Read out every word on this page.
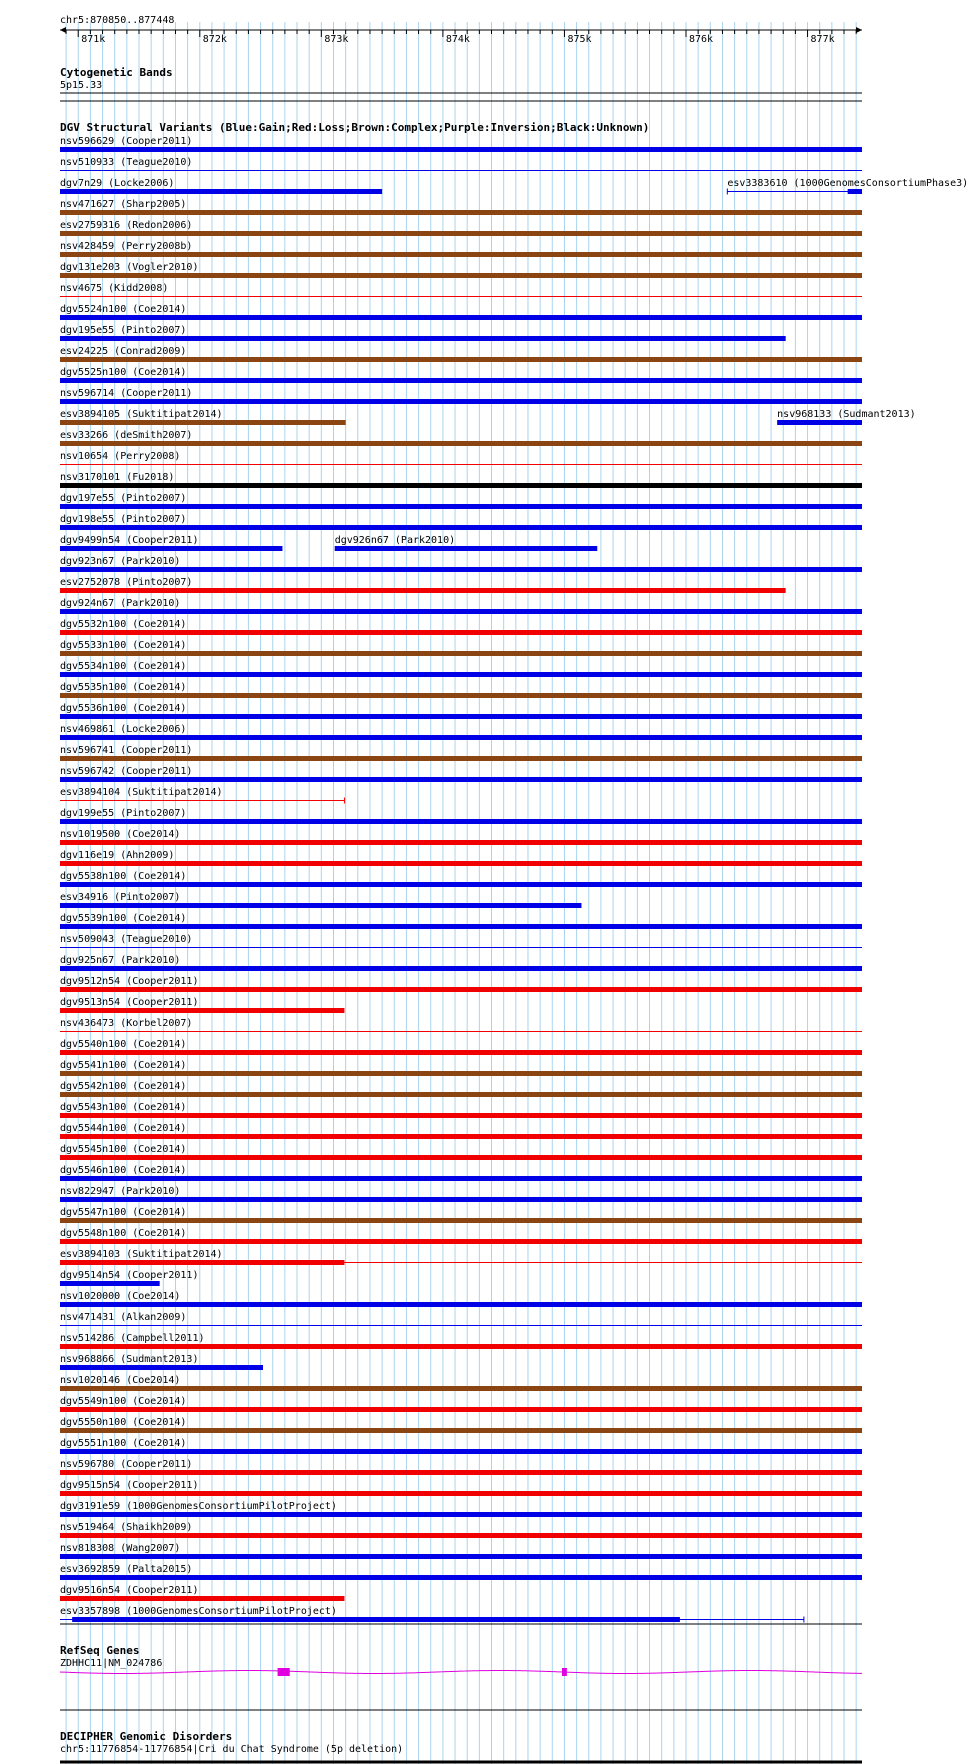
chr5:870850..877448
Cytogenetic Bands
5p15.33
DGV Structural Variants (Blue:Gain;Red:Loss;Brown:Complex;Purple:Inversion;Black:Unknown)
871k	872k	873k	874k	875k	876k	877k
nsv596629 (Cooper2011)
nsv510933 (Teague2010)
dgv7n29 (Locke2006)	esv3383610 (1000GenomesConsortiumPhase3)
nsv471627 (Sharp2005)
esv2759316 (Redon2006)
nsv428459 (Perry2008b)
dgv131e203 (Vogler2010)
nsv4675 (Kidd2008)
dgv5524n100 (Coe2014)
dgv195e55 (Pinto2007)
esv24225 (Conrad2009)
dgv5525n100 (Coe2014)
nsv596714 (Cooper2011)
esv3894105 (Suktitipat2014)	nsv968133 (Sudmant2013)
esv33266 (deSmith2007)
nsv10654 (Perry2008)
nsv3170101 (Fu2018)
dgv197e55 (Pinto2007)
dgv198e55 (Pinto2007)
dgv9499n54 (Cooper2011)	dgv926n67 (Park2010)
dgv923n67 (Park2010)
esv2752078 (Pinto2007)
dgv924n67 (Park2010)
dgv5532n100 (Coe2014)
dgv5533n100 (Coe2014)
dgv5534n100 (Coe2014)
dgv5535n100 (Coe2014)
dgv5536n100 (Coe2014)
nsv469861 (Locke2006)
nsv596741 (Cooper2011)
nsv596742 (Cooper2011)
esv3894104 (Suktitipat2014)
dgv199e55 (Pinto2007)
nsv1019500 (Coe2014)
dgv116e19 (Ahn2009)
dgv5538n100 (Coe2014)
esv34916 (Pinto2007)
dgv5539n100 (Coe2014)
nsv509043 (Teague2010)
dgv925n67 (Park2010)
dgv9512n54 (Cooper2011)
dgv9513n54 (Cooper2011)
nsv436473 (Korbel2007)
dgv5540n100 (Coe2014)
dgv5541n100 (Coe2014)
dgv5542n100 (Coe2014)
dgv5543n100 (Coe2014)
dgv5544n100 (Coe2014)
dgv5545n100 (Coe2014)
dgv5546n100 (Coe2014)
nsv822947 (Park2010)
dgv5547n100 (Coe2014)
dgv5548n100 (Coe2014)
esv3894103 (Suktitipat2014)
dgv9514n54 (Cooper2011)
nsv1020000 (Coe2014)
nsv471431 (Alkan2009)
nsv514286 (Campbell2011)
nsv968866 (Sudmant2013)
nsv1020146 (Coe2014)
dgv5549n100 (Coe2014)
dgv5550n100 (Coe2014)
dgv5551n100 (Coe2014)
nsv596780 (Cooper2011)
dgv9515n54 (Cooper2011)
dgv3191e59 (1000GenomesConsortiumPilotProject)
nsv519464 (Shaikh2009)
nsv818308 (Wang2007)
esv3692859 (Palta2015)
dgv9516n54 (Cooper2011)
esv3357898 (1000GenomesConsortiumPilotProject)
RefSeq Genes
ZDHHC11|NM_024786
DECIPHER Genomic Disorders
chr5:11776854-11776854|Cri du Chat Syndrome (5p deletion)
